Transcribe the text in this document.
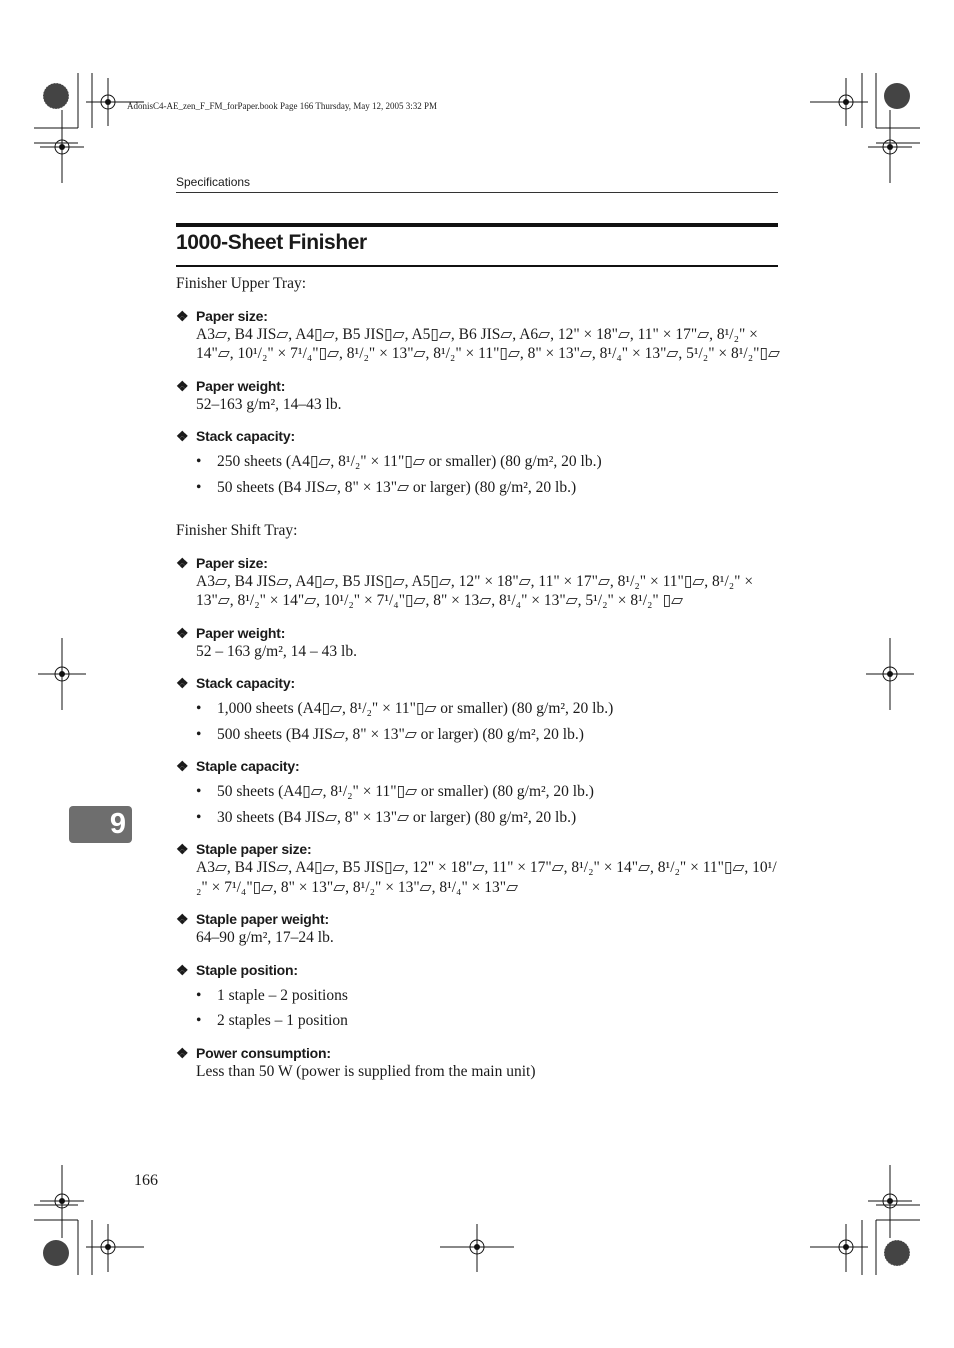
AdonisC4-AE_zen_F_FM_forPaper.book Page 166 Thursday, May 12, 2005 3:32 PM
Specifications
1000-Sheet Finisher
9
Finisher Upper Tray:
❖ Paper size:
A3▱, B4 JIS▱, A4▯▱, B5 JIS▯▱, A5▯▱, B6 JIS▱, A6▱, 12" × 18"▱, 11" × 17"▱, 8¹/₂" × 14"▱, 10¹/₂" × 7¹/₄"▯▱, 8¹/₂" × 13"▱, 8¹/₂" × 11"▯▱, 8" × 13"▱, 8¹/₄" × 13"▱, 5¹/₂" × 8¹/₂"▯▱
❖ Paper weight:
52–163 g/m², 14–43 lb.
❖ Stack capacity:
• 250 sheets (A4▯▱, 8¹/₂" × 11"▯▱ or smaller) (80 g/m², 20 lb.)
• 50 sheets (B4 JIS▱, 8" × 13"▱ or larger) (80 g/m², 20 lb.)
Finisher Shift Tray:
❖ Paper size:
A3▱, B4 JIS▱, A4▯▱, B5 JIS▯▱, A5▯▱, 12" × 18"▱, 11" × 17"▱, 8¹/₂" × 11"▯▱, 8¹/₂" × 13"▱, 8¹/₂" × 14"▱, 10¹/₂" × 7¹/₄"▯▱, 8" × 13▱, 8¹/₄" × 13"▱, 5¹/₂" × 8¹/₂" ▯▱
❖ Paper weight:
52 – 163 g/m², 14 – 43 lb.
❖ Stack capacity:
• 1,000 sheets (A4▯▱, 8¹/₂" × 11"▯▱ or smaller) (80 g/m², 20 lb.)
• 500 sheets (B4 JIS▱, 8" × 13"▱ or larger) (80 g/m², 20 lb.)
❖ Staple capacity:
• 50 sheets (A4▯▱, 8¹/₂" × 11"▯▱ or smaller) (80 g/m², 20 lb.)
• 30 sheets (B4 JIS▱, 8" × 13"▱ or larger) (80 g/m², 20 lb.)
❖ Staple paper size:
A3▱, B4 JIS▱, A4▯▱, B5 JIS▯▱, 12" × 18"▱, 11" × 17"▱, 8¹/₂" × 14"▱, 8¹/₂" × 11"▯▱, 10¹/₂" × 7¹/₄"▯▱, 8" × 13"▱, 8¹/₂" × 13"▱, 8¹/₄" × 13"▱
❖ Staple paper weight:
64–90 g/m², 17–24 lb.
❖ Staple position:
• 1 staple – 2 positions
• 2 staples – 1 position
❖ Power consumption:
Less than 50 W (power is supplied from the main unit)
166
